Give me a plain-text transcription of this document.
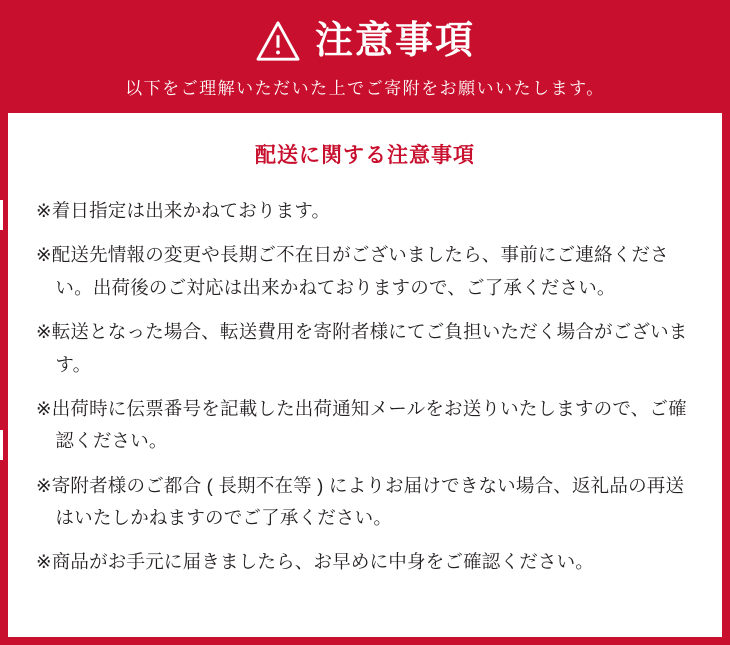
注意事項
以下をご理解いただいた上でご寄附をお願いいたします。
配送に関する注意事項
※着日指定は出来かねております。
※配送先情報の変更や長期ご不在日がございましたら、事前にご連絡ください。出荷後のご対応は出来かねておりますので、ご了承ください。
※転送となった場合、転送費用を寄附者様にてご負担いただく場合がございます。
※出荷時に伝票番号を記載した出荷通知メールをお送りいたしますので、ご確認ください。
※寄附者様のご都合 ( 長期不在等 ) によりお届けできない場合、返礼品の再送はいたしかねますのでご了承ください。
※商品がお手元に届きましたら、お早めに中身をご確認ください。
